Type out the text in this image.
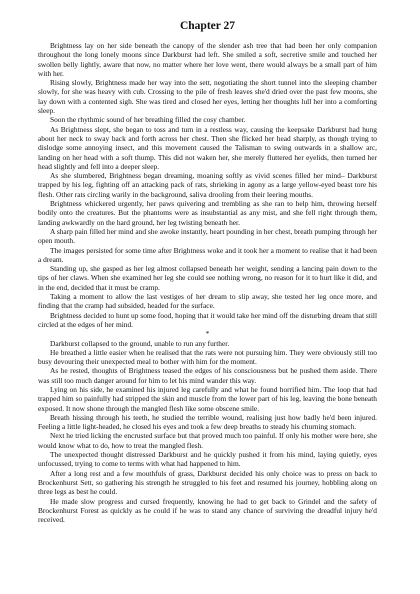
Chapter 27

Brightness lay on her side beneath the canopy of the slender ash tree that had been her only companion throughout the long lonely moons since Darkburst had left. She smiled a soft, secretive smile and touched her swollen belly lightly, aware that now, no matter where her love went, there would always be a small part of him with her.

Rising slowly, Brightness made her way into the sett, negotiating the short tunnel into the sleeping chamber slowly, for she was heavy with cub. Crossing to the pile of fresh leaves she'd dried over the past few moons, she lay down with a contented sigh. She was tired and closed her eyes, letting her thoughts lull her into a comforting sleep.

Soon the rhythmic sound of her breathing filled the cosy chamber.

As Brightness slept, she began to toss and turn in a restless way, causing the keepsake Darkburst had hung about her neck to sway back and forth across her chest. Then she flicked her head sharply, as though trying to dislodge some annoying insect, and this movement caused the Talisman to swing outwards in a shallow arc, landing on her head with a soft thump. This did not waken her, she merely fluttered her eyelids, then turned her head slightly and fell into a deeper sleep.

As she slumbered, Brightness began dreaming, moaning softly as vivid scenes filled her mind– Darkburst trapped by his leg, fighting off an attacking pack of rats, shrieking in agony as a large yellow-eyed beast tore his flesh. Other rats circling warily in the background, saliva drooling from their leering mouths.

Brightness whickered urgently, her paws quivering and trembling as she ran to help him, throwing herself bodily onto the creatures. But the phantoms were as insubstantial as any mist, and she fell right through them, landing awkwardly on the hard ground, her leg twisting beneath her.

A sharp pain filled her mind and she awoke instantly, heart pounding in her chest, breath pumping through her open mouth.

The images persisted for some time after Brightness woke and it took her a moment to realise that it had been a dream.

Standing up, she gasped as her leg almost collapsed beneath her weight, sending a lancing pain down to the tips of her claws. When she examined her leg she could see nothing wrong, no reason for it to hurt like it did, and in the end, decided that it must be cramp.

Taking a moment to allow the last vestiges of her dream to slip away, she tested her leg once more, and finding that the cramp had subsided, headed for the surface.

Brightness decided to hunt up some food, hoping that it would take her mind off the disturbing dream that still circled at the edges of her mind.

*

Darkburst collapsed to the ground, unable to run any further.

He breathed a little easier when he realised that the rats were not pursuing him. They were obviously still too busy devouring their unexpected meal to bother with him for the moment.

As he rested, thoughts of Brightness teased the edges of his consciousness but he pushed them aside. There was still too much danger around for him to let his mind wander this way.

Lying on his side, he examined his injured leg carefully and what he found horrified him. The loop that had trapped him so painfully had stripped the skin and muscle from the lower part of his leg, leaving the bone beneath exposed. It now shone through the mangled flesh like some obscene smile.

Breath hissing through his teeth, he studied the terrible wound, realising just how badly he'd been injured. Feeling a little light-headed, he closed his eyes and took a few deep breaths to steady his churning stomach.

Next he tried licking the encrusted surface but that proved much too painful. If only his mother were here, she would know what to do, how to treat the mangled flesh.

The unexpected thought distressed Darkburst and he quickly pushed it from his mind, laying quietly, eyes unfocussed, trying to come to terms with what had happened to him.

After a long rest and a few mouthfuls of grass, Darkburst decided his only choice was to press on back to Brockenhurst Sett, so gathering his strength he struggled to his feet and resumed his journey, hobbling along on three legs as best he could.

He made slow progress and cursed frequently, knowing he had to get back to Grindel and the safety of Brockenhurst Forest as quickly as he could if he was to stand any chance of surviving the dreadful injury he'd received.
